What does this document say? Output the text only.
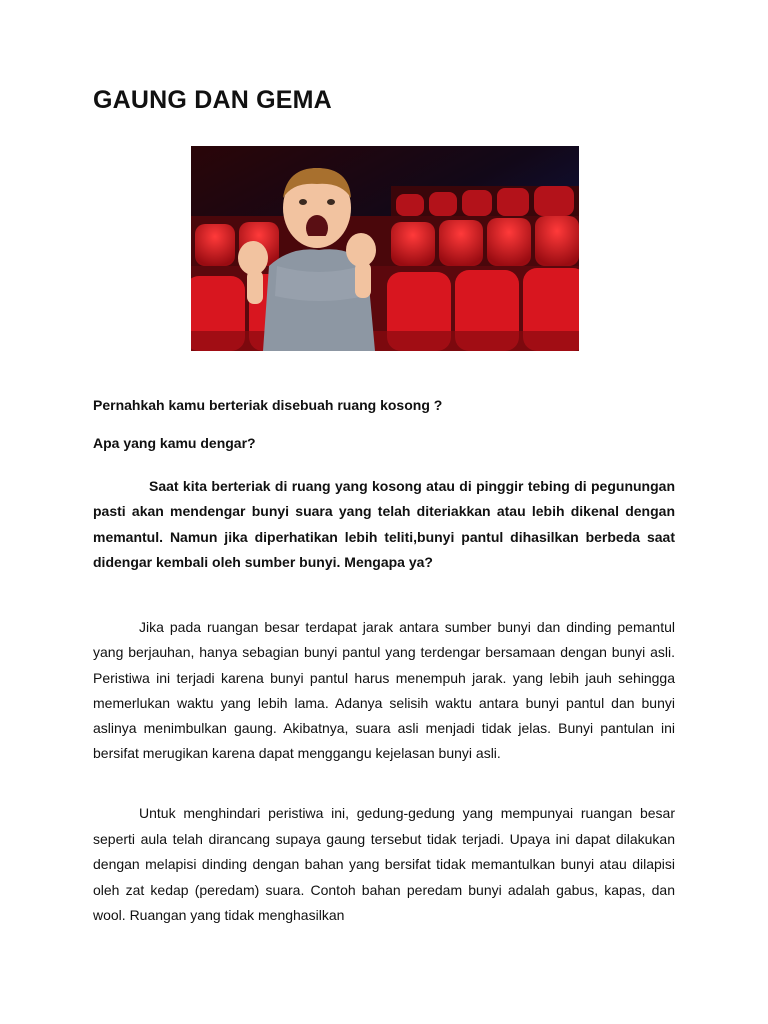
GAUNG DAN GEMA

Pernahkah kamu berteriak disebuah ruang kosong ?

Apa yang kamu dengar?

Saat kita berteriak di ruang yang kosong atau di pinggir tebing di pegunungan pasti akan mendengar bunyi suara yang telah diteriakkan atau lebih dikenal dengan memantul. Namun jika diperhatikan lebih teliti,bunyi pantul dihasilkan berbeda saat didengar kembali oleh sumber bunyi. Mengapa ya?

Jika pada ruangan besar terdapat jarak antara sumber bunyi dan dinding pemantul yang berjauhan, hanya sebagian bunyi pantul yang terdengar bersamaan dengan bunyi asli. Peristiwa ini terjadi karena bunyi pantul harus menempuh jarak. yang lebih jauh sehingga memerlukan waktu yang lebih lama. Adanya selisih waktu antara bunyi pantul dan bunyi aslinya menimbulkan gaung. Akibatnya, suara asli menjadi tidak jelas. Bunyi pantulan ini bersifat merugikan karena dapat menggangu kejelasan bunyi asli.

Untuk menghindari peristiwa ini, gedung-gedung yang mempunyai ruangan besar seperti aula telah dirancang supaya gaung tersebut tidak terjadi. Upaya ini dapat dilakukan dengan melapisi dinding dengan bahan yang bersifat tidak memantulkan bunyi atau dilapisi oleh zat kedap (peredam) suara. Contoh bahan peredam bunyi adalah gabus, kapas, dan wool. Ruangan yang tidak menghasilkan
